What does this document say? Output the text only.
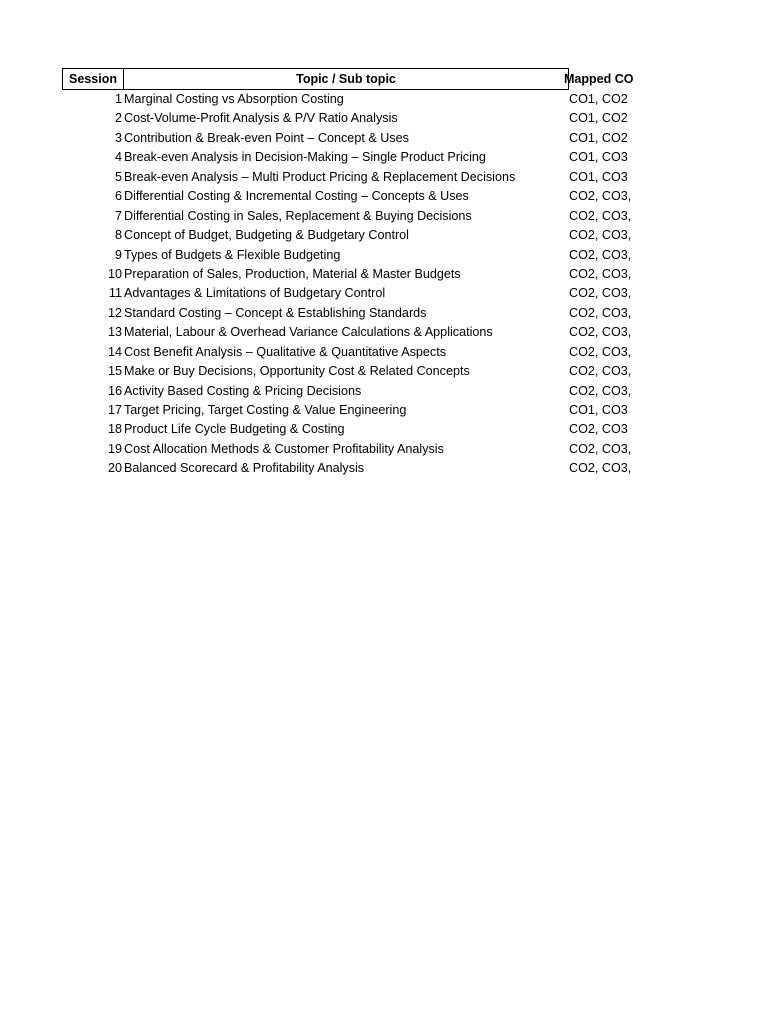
Session	Topic / Sub topic	Mapped CO
1 Marginal Costing vs Absorption Costing	CO1, CO2
2 Cost-Volume-Profit Analysis & P/V Ratio Analysis	CO1, CO2
3 Contribution & Break-even Point – Concept & Uses	CO1, CO2
4 Break-even Analysis in Decision-Making – Single Product Pricing	CO1, CO3
5 Break-even Analysis – Multi Product Pricing & Replacement Decisions	CO1, CO3
6 Differential Costing & Incremental Costing – Concepts & Uses	CO2, CO3,
7 Differential Costing in Sales, Replacement & Buying Decisions	CO2, CO3,
8 Concept of Budget, Budgeting & Budgetary Control	CO2, CO3,
9 Types of Budgets & Flexible Budgeting	CO2, CO3,
10 Preparation of Sales, Production, Material & Master Budgets	CO2, CO3,
11 Advantages & Limitations of Budgetary Control	CO2, CO3,
12 Standard Costing – Concept & Establishing Standards	CO2, CO3,
13 Material, Labour & Overhead Variance Calculations & Applications	CO2, CO3,
14 Cost Benefit Analysis – Qualitative & Quantitative Aspects	CO2, CO3,
15 Make or Buy Decisions, Opportunity Cost & Related Concepts	CO2, CO3,
16 Activity Based Costing & Pricing Decisions	CO2, CO3,
17 Target Pricing, Target Costing & Value Engineering	CO1, CO3
18 Product Life Cycle Budgeting & Costing	CO2, CO3
19 Cost Allocation Methods & Customer Profitability Analysis	CO2, CO3,
20 Balanced Scorecard & Profitability Analysis	CO2, CO3,
